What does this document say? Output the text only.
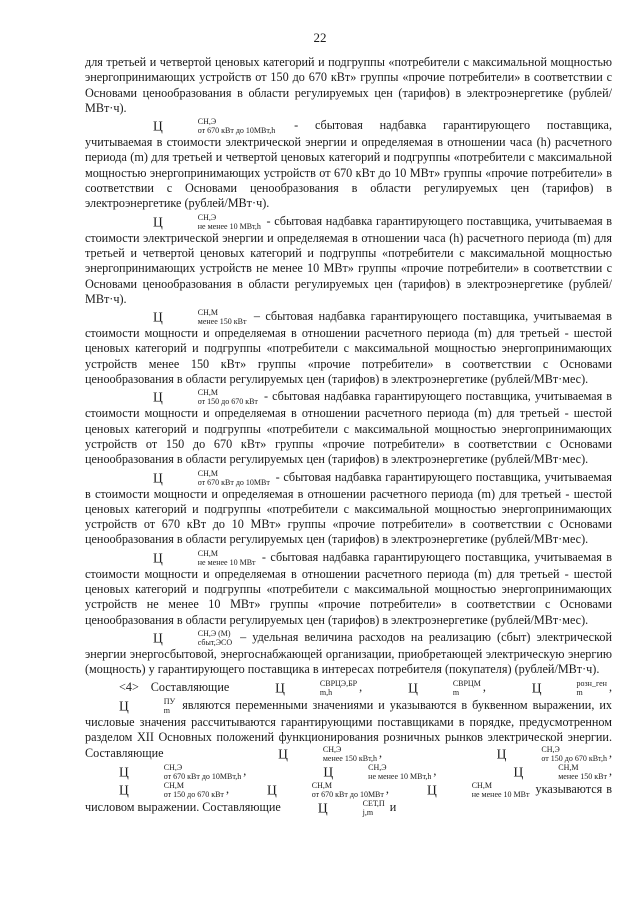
22

для третьей и четвертой ценовых категорий и подгруппы «потребители с максимальной мощностью энергопринимающих устройств от 150 до 670 кВт» группы «прочие потребители» в соответствии с Основами ценообразования в области регулируемых цен (тарифов) в электроэнергетике (рублей/МВт·ч).

Ц	СН,Э
от 670 кВт до 10МВт,h - сбытовая надбавка гарантирующего поставщика, учитываемая в стоимости электрической энергии и определяемая в отношении часа (h) расчетного периода (m) для третьей и четвертой ценовых категорий и подгруппы «потребители с максимальной мощностью энергопринимающих устройств от 670 кВт до 10 МВт» группы «прочие потребители» в соответствии с Основами ценообразования в области регулируемых цен (тарифов) в электроэнергетике (рублей/МВт·ч).

Ц	СН,Э
не менее 10 МВт,h - сбытовая надбавка гарантирующего поставщика, учитываемая в стоимости электрической энергии и определяемая в отношении часа (h) расчетного периода (m) для третьей и четвертой ценовых категорий и подгруппы «потребители с максимальной мощностью энергопринимающих устройств не менее 10 МВт» группы «прочие потребители» в соответствии с Основами ценообразования в области регулируемых цен (тарифов) в электроэнергетике (рублей/МВт·ч).

Ц	СН,М
менее 150 кВт – сбытовая надбавка гарантирующего поставщика, учитываемая в стоимости мощности и определяемая в отношении расчетного периода (m) для третьей - шестой ценовых категорий и подгруппы «потребители с максимальной мощностью энергопринимающих устройств менее 150 кВт» группы «прочие потребители» в соответствии с Основами ценообразования в области регулируемых цен (тарифов) в электроэнергетике (рублей/МВт·мес).

Ц	СН,М
от 150 до 670 кВт - сбытовая надбавка гарантирующего поставщика, учитываемая в стоимости мощности и определяемая в отношении расчетного периода (m) для третьей - шестой ценовых категорий и подгруппы «потребители с максимальной мощностью энергопринимающих устройств от 150 до 670 кВт» группы «прочие потребители» в соответствии с Основами ценообразования в области регулируемых цен (тарифов) в электроэнергетике (рублей/МВт·мес).

Ц	СН,М
от 670 кВт до 10МВт - сбытовая надбавка гарантирующего поставщика, учитываемая в стоимости мощности и определяемая в отношении расчетного периода (m) для третьей - шестой ценовых категорий и подгруппы «потребители с максимальной мощностью энергопринимающих устройств от 670 кВт до 10 МВт» группы «прочие потребители» в соответствии с Основами ценообразования в области регулируемых цен (тарифов) в электроэнергетике (рублей/МВт·мес).

Ц	СН,М
не менее 10 МВт - сбытовая надбавка гарантирующего поставщика, учитываемая в стоимости мощности и определяемая в отношении расчетного периода (m) для третьей - шестой ценовых категорий и подгруппы «потребители с максимальной мощностью энергопринимающих устройств не менее 10 МВт» группы «прочие потребители» в соответствии с Основами ценообразования в области регулируемых цен (тарифов) в электроэнергетике (рублей/МВт·мес).

Ц	СН,Э (М)
сбыт,ЭСО – удельная величина расходов на реализацию (сбыт) электрической энергии энергосбытовой, энергоснабжающей организации, приобретающей электрическую энергию (мощность) у гарантирующего поставщика в интересах потребителя (покупателя) (рублей/МВт·ч).

<4> Составляющие	Ц	СВРЦЭ,БР
m,h	,	Ц	СВРЦМ
m	,	Ц	розн_ген
m	, Ц	ПУ
m являются переменными значениями и указываются в буквенном выражении, их числовые значения рассчитываются гарантирующими поставщиками в порядке, предусмотренном разделом XII Основных положений функционирования розничных рынков электрической энергии. Составляющие	Ц	СН,Э
менее 150 кВт,h ,	Ц	СН,Э
от 150 до 670 кВт,h , Ц	СН,Э
от 670 кВт до 10МВт,h ,	Ц	СН,Э
не менее 10 МВт,h ,	Ц	СН,М
менее 150 кВт , Ц	СН,М
от 150 до 670 кВт ,	Ц	СН,М
от 670 кВт до 10МВт ,	Ц	СН,М
не менее 10 МВт указываются в числовом выражении. Составляющие	Ц	СЕТ,П
j,m	и
